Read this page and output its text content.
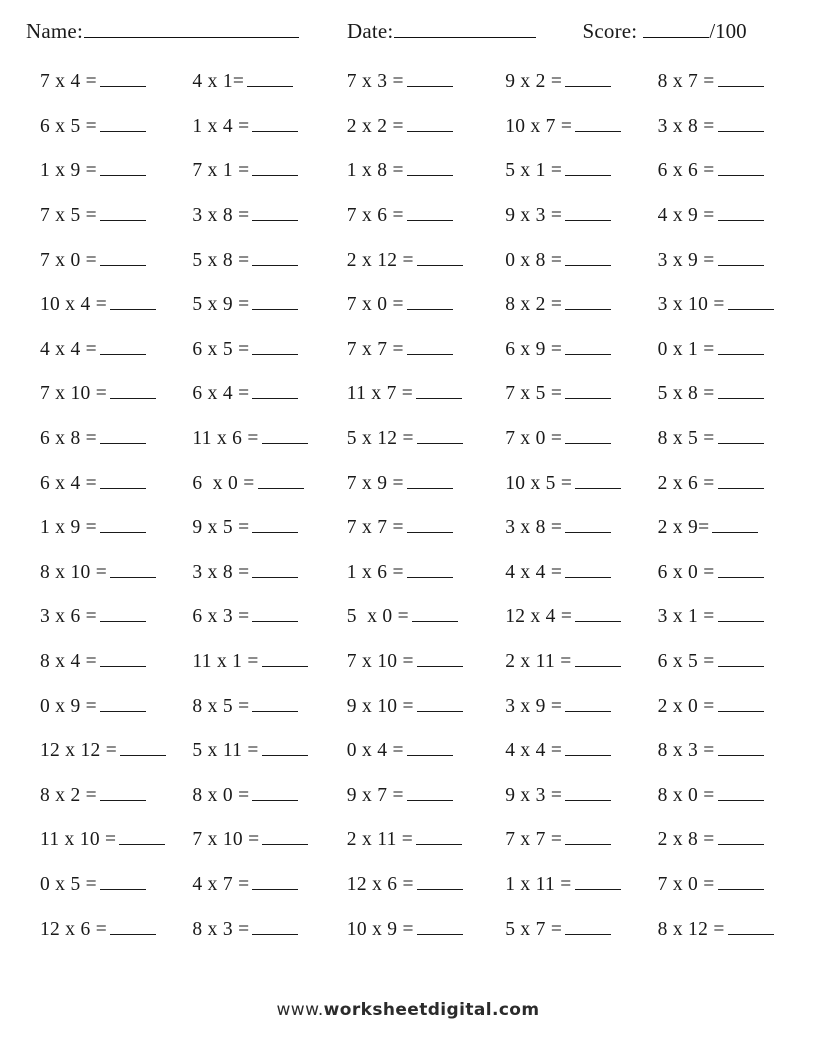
Name:	Date:	Score:	/100
7 x 4 =	4 x 1=	7 x 3 =	9 x 2 =	8 x 7 =
6 x 5 =	1 x 4 =	2 x 2 =	10 x 7 =	3 x 8 =
1 x 9 =	7 x 1 =	1 x 8 =	5 x 1 =	6 x 6 =
7 x 5 =	3 x 8 =	7 x 6 =	9 x 3 =	4 x 9 =
7 x 0 =	5 x 8 =	2 x 12 =	0 x 8 =	3 x 9 =
10 x 4 =	5 x 9 =	7 x 0 =	8 x 2 =	3 x 10 =
4 x 4 =	6 x 5 =	7 x 7 =	6 x 9 =	0 x 1 =
7 x 10 =	6 x 4 =	11 x 7 =	7 x 5 =	5 x 8 =
6 x 8 =	11 x 6 =	5 x 12 =	7 x 0 =	8 x 5 =
6 x 4 =	6  x 0 =	7 x 9 =	10 x 5 =	2 x 6 =
1 x 9 =	9 x 5 =	7 x 7 =	3 x 8 =	2 x 9=
8 x 10 =	3 x 8 =	1 x 6 =	4 x 4 =	6 x 0 =
3 x 6 =	6 x 3 =	5  x 0 =	12 x 4 =	3 x 1 =
8 x 4 =	11 x 1 =	7 x 10 =	2 x 11 =	6 x 5 =
0 x 9 =	8 x 5 =	9 x 10 =	3 x 9 =	2 x 0 =
12 x 12 =	5 x 11 =	0 x 4 =	4 x 4 =	8 x 3 =
8 x 2 =	8 x 0 =	9 x 7 =	9 x 3 =	8 x 0 =
11 x 10 =	7 x 10 =	2 x 11 =	7 x 7 =	2 x 8 =
0 x 5 =	4 x 7 =	12 x 6 =	1 x 11 =	7 x 0 =
12 x 6 =	8 x 3 =	10 x 9 =	5 x 7 =	8 x 12 =
www.worksheetdigital.com
